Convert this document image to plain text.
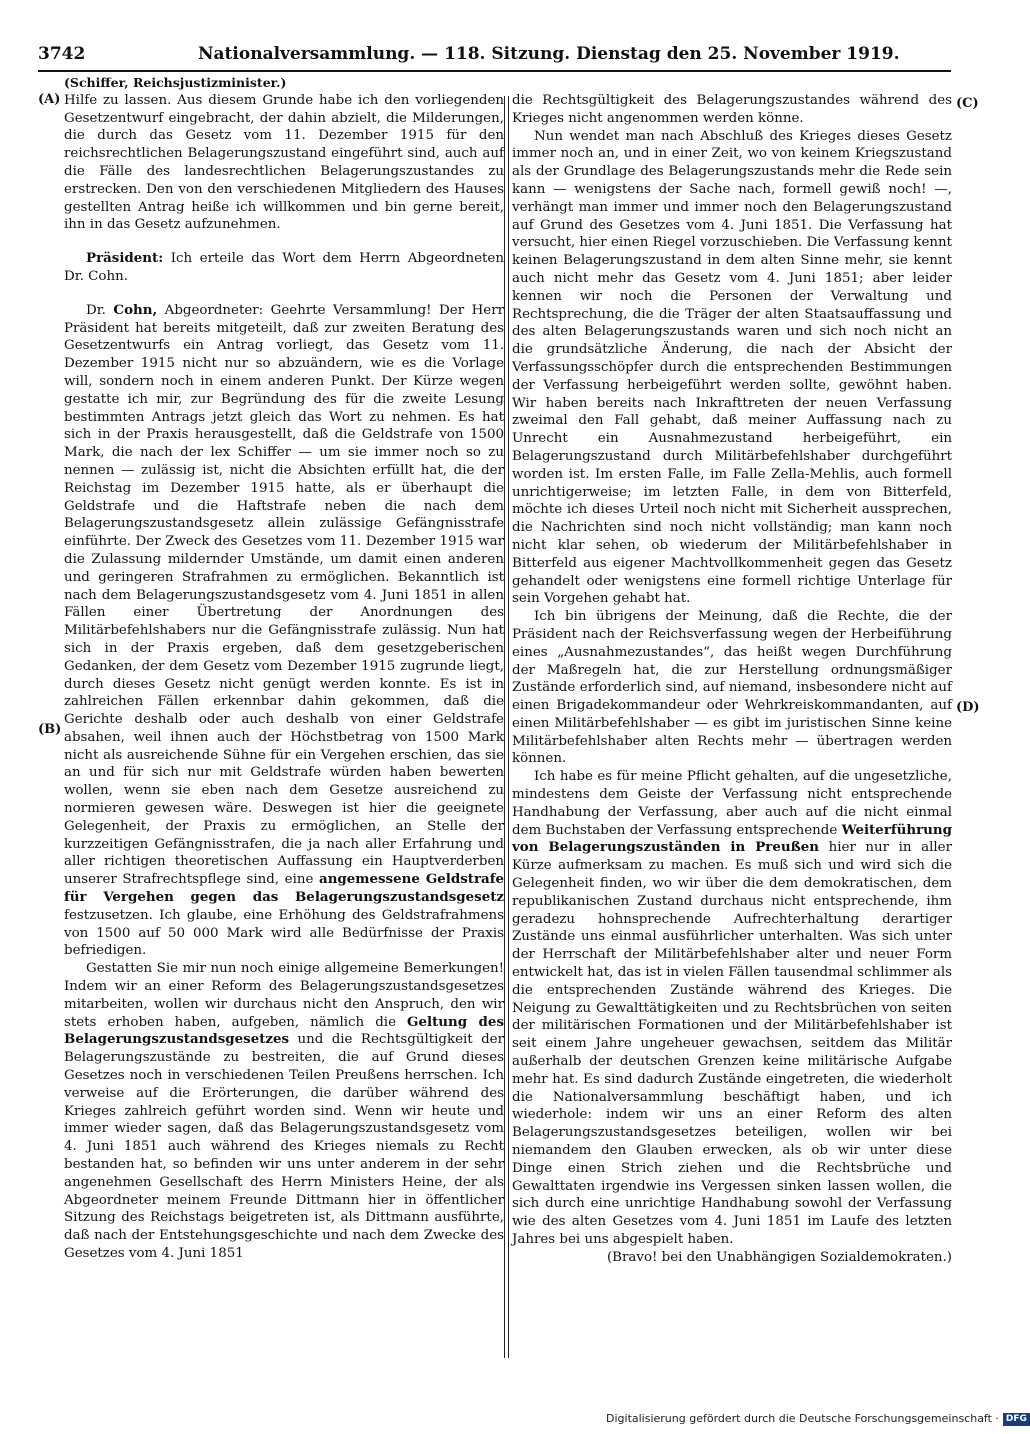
3742	Nationalversammlung. — 118. Sitzung. Dienstag den 25. November 1919.
(A)
(B)
(C)
(D)

(Schiffer, Reichsjustizminister.)

Hilfe zu lassen. Aus diesem Grunde habe ich den vorliegenden Gesetzentwurf eingebracht, der dahin abzielt, die Milderungen, die durch das Gesetz vom 11. Dezember 1915 für den reichsrechtlichen Belagerungszustand eingeführt sind, auch auf die Fälle des landesrechtlichen Belagerungszustandes zu erstrecken. Den von den verschiedenen Mitgliedern des Hauses gestellten Antrag heiße ich willkommen und bin gerne bereit, ihn in das Gesetz aufzunehmen.

Präsident: Ich erteile das Wort dem Herrn Abgeordneten Dr. Cohn.

Dr. Cohn, Abgeordneter: Geehrte Versammlung! Der Herr Präsident hat bereits mitgeteilt, daß zur zweiten Beratung des Gesetzentwurfs ein Antrag vorliegt, das Gesetz vom 11. Dezember 1915 nicht nur so abzuändern, wie es die Vorlage will, sondern noch in einem anderen Punkt. Der Kürze wegen gestatte ich mir, zur Begründung des für die zweite Lesung bestimmten Antrags jetzt gleich das Wort zu nehmen. Es hat sich in der Praxis herausgestellt, daß die Geldstrafe von 1500 Mark, die nach der lex Schiffer — um sie immer noch so zu nennen — zulässig ist, nicht die Absichten erfüllt hat, die der Reichstag im Dezember 1915 hatte, als er überhaupt die Geldstrafe und die Haftstrafe neben die nach dem Belagerungszustandsgesetz allein zulässige Gefängnisstrafe einführte. Der Zweck des Gesetzes vom 11. Dezember 1915 war die Zulassung mildernder Umstände, um damit einen anderen und geringeren Strafrahmen zu ermöglichen. Bekanntlich ist nach dem Belagerungszustandsgesetz vom 4. Juni 1851 in allen Fällen einer Übertretung der Anordnungen des Militärbefehlshabers nur die Gefängnisstrafe zulässig. Nun hat sich in der Praxis ergeben, daß dem gesetzgeberischen Gedanken, der dem Gesetz vom Dezember 1915 zugrunde liegt, durch dieses Gesetz nicht genügt werden konnte. Es ist in zahlreichen Fällen erkennbar dahin gekommen, daß die Gerichte deshalb oder auch deshalb von einer Geldstrafe absahen, weil ihnen auch der Höchstbetrag von 1500 Mark nicht als ausreichende Sühne für ein Vergehen erschien, das sie an und für sich nur mit Geldstrafe würden haben bewerten wollen, wenn sie eben nach dem Gesetze ausreichend zu normieren gewesen wäre. Deswegen ist hier die geeignete Gelegenheit, der Praxis zu ermöglichen, an Stelle der kurzzeitigen Gefängnisstrafen, die ja nach aller Erfahrung und aller richtigen theoretischen Auffassung ein Hauptverderben unserer Strafrechtspflege sind, eine angemessene Geldstrafe für Vergehen gegen das Belagerungszustandsgesetz festzusetzen. Ich glaube, eine Erhöhung des Geldstrafrahmens von 1500 auf 50 000 Mark wird alle Bedürfnisse der Praxis befriedigen.

Gestatten Sie mir nun noch einige allgemeine Bemerkungen! Indem wir an einer Reform des Belagerungszustandsgesetzes mitarbeiten, wollen wir durchaus nicht den Anspruch, den wir stets erhoben haben, aufgeben, nämlich die Geltung des Belagerungszustandsgesetzes und die Rechtsgültigkeit der Belagerungszustände zu bestreiten, die auf Grund dieses Gesetzes noch in verschiedenen Teilen Preußens herrschen. Ich verweise auf die Erörterungen, die darüber während des Krieges zahlreich geführt worden sind. Wenn wir heute und immer wieder sagen, daß das Belagerungszustandsgesetz vom 4. Juni 1851 auch während des Krieges niemals zu Recht bestanden hat, so befinden wir uns unter anderem in der sehr angenehmen Gesellschaft des Herrn Ministers Heine, der als Abgeordneter meinem Freunde Dittmann hier in öffentlicher Sitzung des Reichstags beigetreten ist, als Dittmann ausführte, daß nach der Entstehungsgeschichte und nach dem Zwecke des Gesetzes vom 4. Juni 1851

die Rechtsgültigkeit des Belagerungszustandes während des Krieges nicht angenommen werden könne.

Nun wendet man nach Abschluß des Krieges dieses Gesetz immer noch an, und in einer Zeit, wo von keinem Kriegszustand als der Grundlage des Belagerungszustands mehr die Rede sein kann — wenigstens der Sache nach, formell gewiß noch! —, verhängt man immer und immer noch den Belagerungszustand auf Grund des Gesetzes vom 4. Juni 1851. Die Verfassung hat versucht, hier einen Riegel vorzuschieben. Die Verfassung kennt keinen Belagerungszustand in dem alten Sinne mehr, sie kennt auch nicht mehr das Gesetz vom 4. Juni 1851; aber leider kennen wir noch die Personen der Verwaltung und Rechtsprechung, die die Träger der alten Staatsauffassung und des alten Belagerungszustands waren und sich noch nicht an die grundsätzliche Änderung, die nach der Absicht der Verfassungsschöpfer durch die entsprechenden Bestimmungen der Verfassung herbeigeführt werden sollte, gewöhnt haben. Wir haben bereits nach Inkrafttreten der neuen Verfassung zweimal den Fall gehabt, daß meiner Auffassung nach zu Unrecht ein Ausnahmezustand herbeigeführt, ein Belagerungszustand durch Militärbefehlshaber durchgeführt worden ist. Im ersten Falle, im Falle Zella-Mehlis, auch formell unrichtigerweise; im letzten Falle, in dem von Bitterfeld, möchte ich dieses Urteil noch nicht mit Sicherheit aussprechen, die Nachrichten sind noch nicht vollständig; man kann noch nicht klar sehen, ob wiederum der Militärbefehlshaber in Bitterfeld aus eigener Machtvollkommenheit gegen das Gesetz gehandelt oder wenigstens eine formell richtige Unterlage für sein Vorgehen gehabt hat.

Ich bin übrigens der Meinung, daß die Rechte, die der Präsident nach der Reichsverfassung wegen der Herbeiführung eines „Ausnahmezustandes“, das heißt wegen Durchführung der Maßregeln hat, die zur Herstellung ordnungsmäßiger Zustände erforderlich sind, auf niemand, insbesondere nicht auf einen Brigadekommandeur oder Wehrkreiskommandanten, auf einen Militärbefehlshaber — es gibt im juristischen Sinne keine Militärbefehlshaber alten Rechts mehr — übertragen werden können.

Ich habe es für meine Pflicht gehalten, auf die ungesetzliche, mindestens dem Geiste der Verfassung nicht entsprechende Handhabung der Verfassung, aber auch auf die nicht einmal dem Buchstaben der Verfassung entsprechende Weiterführung von Belagerungszuständen in Preußen hier nur in aller Kürze aufmerksam zu machen. Es muß sich und wird sich die Gelegenheit finden, wo wir über die dem demokratischen, dem republikanischen Zustand durchaus nicht entsprechende, ihm geradezu hohnsprechende Aufrechterhaltung derartiger Zustände uns einmal ausführlicher unterhalten. Was sich unter der Herrschaft der Militärbefehlshaber alter und neuer Form entwickelt hat, das ist in vielen Fällen tausendmal schlimmer als die entsprechenden Zustände während des Krieges. Die Neigung zu Gewalttätigkeiten und zu Rechtsbrüchen von seiten der militärischen Formationen und der Militärbefehlshaber ist seit einem Jahre ungeheuer gewachsen, seitdem das Militär außerhalb der deutschen Grenzen keine militärische Aufgabe mehr hat. Es sind dadurch Zustände eingetreten, die wiederholt die Nationalversammlung beschäftigt haben, und ich wiederhole: indem wir uns an einer Reform des alten Belagerungszustandsgesetzes beteiligen, wollen wir bei niemandem den Glauben erwecken, als ob wir unter diese Dinge einen Strich ziehen und die Rechtsbrüche und Gewalttaten irgendwie ins Vergessen sinken lassen wollen, die sich durch eine unrichtige Handhabung sowohl der Verfassung wie des alten Gesetzes vom 4. Juni 1851 im Laufe des letzten Jahres bei uns abgespielt haben.

(Bravo! bei den Unabhängigen Sozialdemokraten.)

Digitalisierung gefördert durch die Deutsche Forschungsgemeinschaft · DFG
